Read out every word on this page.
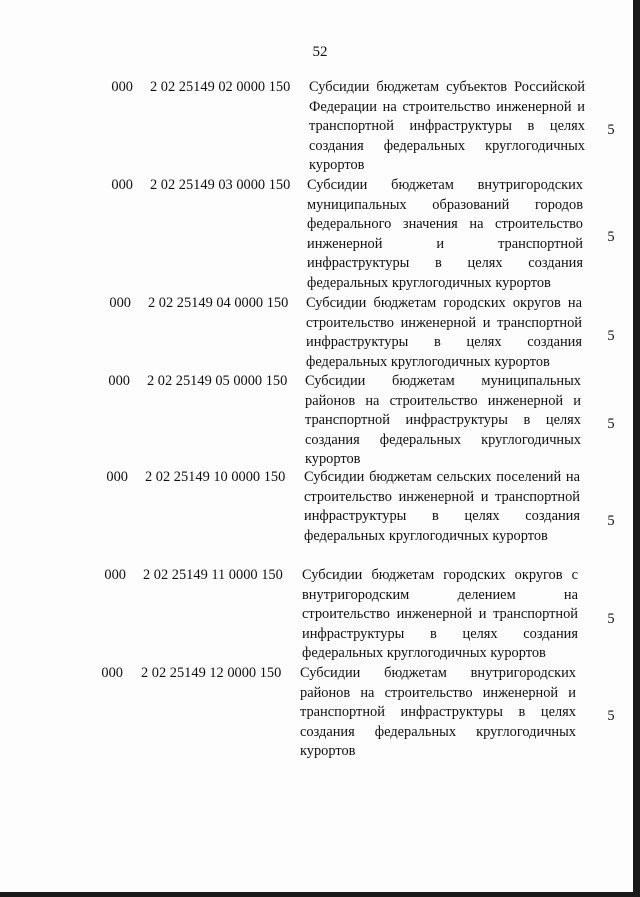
52
000 2 02 25149 02 0000 150 Субсидии бюджетам субъектов Российской Федерации на строительство инженерной и транспортной инфраструктуры в целях создания федеральных круглогодичных курортов
5
000 2 02 25149 03 0000 150 Субсидии бюджетам внутригородских муниципальных образований городов федерального значения на строительство инженерной и транспортной инфраструктуры в целях создания федеральных круглогодичных курортов
5
000 2 02 25149 04 0000 150 Субсидии бюджетам городских округов на строительство инженерной и транспортной инфраструктуры в целях создания федеральных круглогодичных курортов
5
000 2 02 25149 05 0000 150 Субсидии бюджетам муниципальных районов на строительство инженерной и транспортной инфраструктуры в целях создания федеральных круглогодичных курортов
5
000 2 02 25149 10 0000 150 Субсидии бюджетам сельских поселений на строительство инженерной и транспортной инфраструктуры в целях создания федеральных круглогодичных курортов
5
000 2 02 25149 11 0000 150 Субсидии бюджетам городских округов с внутригородским делением на строительство инженерной и транспортной инфраструктуры в целях создания федеральных круглогодичных курортов
5
000 2 02 25149 12 0000 150 Субсидии бюджетам внутригородских районов на строительство инженерной и транспортной инфраструктуры в целях создания федеральных круглогодичных курортов
5
